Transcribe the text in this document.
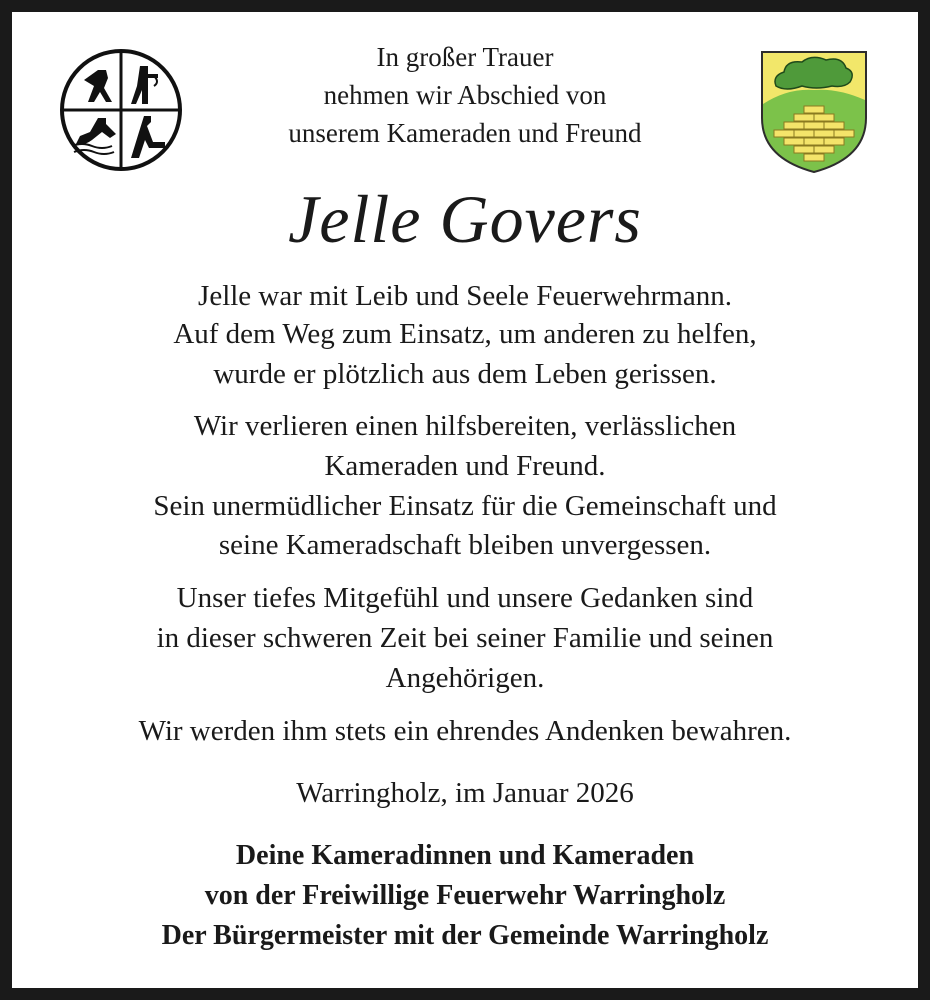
In großer Trauer
nehmen wir Abschied von
unserem Kameraden und Freund
Jelle Govers
Jelle war mit Leib und Seele Feuerwehrmann.
Auf dem Weg zum Einsatz, um anderen zu helfen,
wurde er plötzlich aus dem Leben gerissen.
Wir verlieren einen hilfsbereiten, verlässlichen
Kameraden und Freund.
Sein unermüdlicher Einsatz für die Gemeinschaft und
seine Kameradschaft bleiben unvergessen.
Unser tiefes Mitgefühl und unsere Gedanken sind
in dieser schweren Zeit bei seiner Familie und seinen
Angehörigen.
Wir werden ihm stets ein ehrendes Andenken bewahren.
Warringholz, im Januar 2026
Deine Kameradinnen und Kameraden
von der Freiwillige Feuerwehr Warringholz
Der Bürgermeister mit der Gemeinde Warringholz
